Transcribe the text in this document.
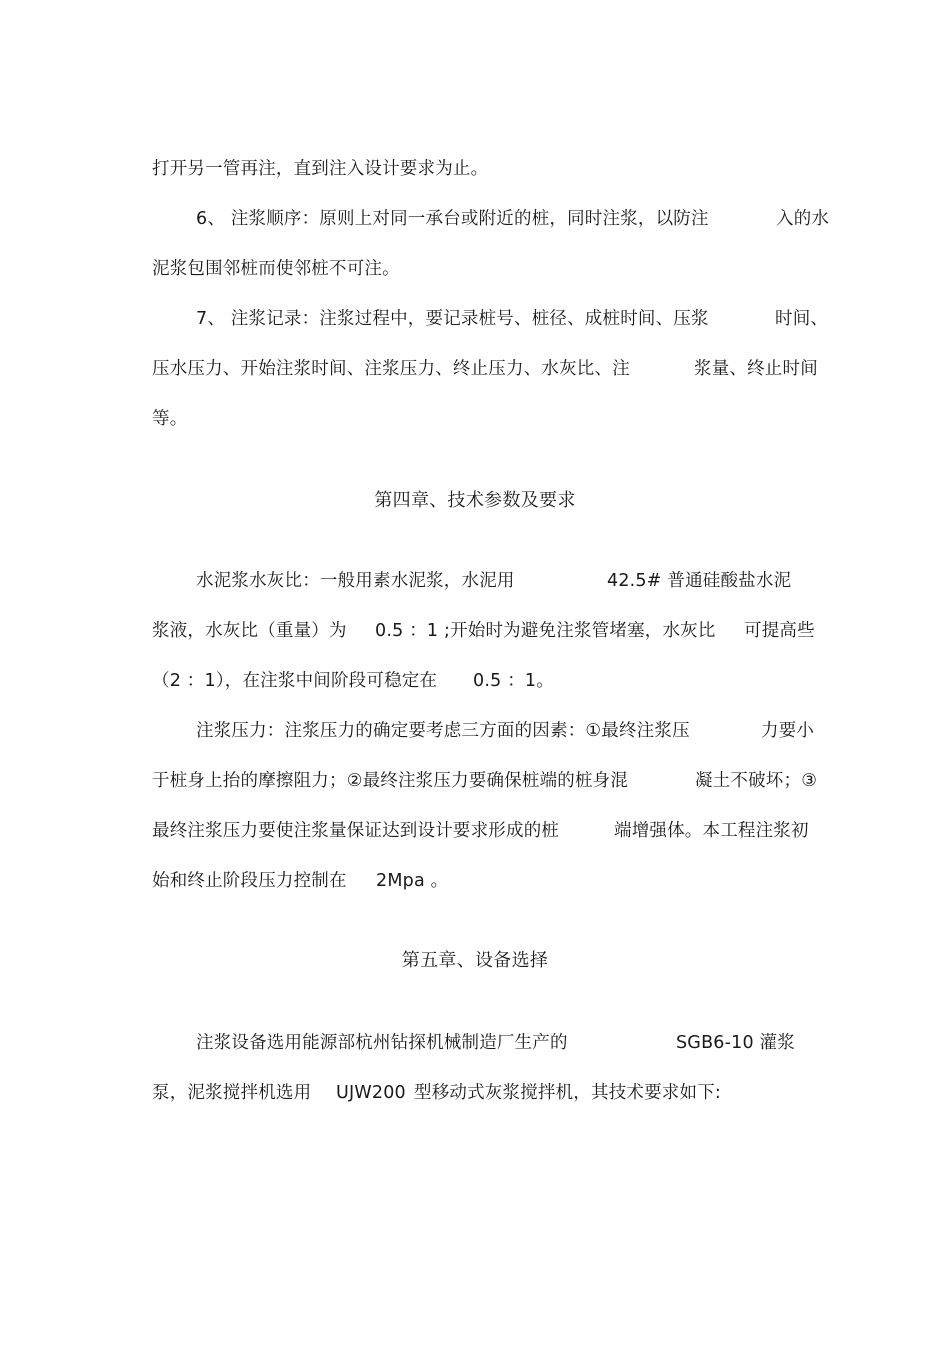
打开另一管再注，直到注入设计要求为止。
6、 注浆顺序：原则上对同一承台或附近的桩，同时注浆，以防注	入的水
泥浆包围邻桩而使邻桩不可注。
7、 注浆记录：注浆过程中，要记录桩号、桩径、成桩时间、压浆	时间、
压水压力、开始注浆时间、注浆压力、终止压力、水灰比、注	浆量、终止时间
等。
第四章、技术参数及要求
水泥浆水灰比：一般用素水泥浆，水泥用	42.5# 普通硅酸盐水泥
浆液，水灰比（重量）为 0.5 ：1 ;开始时为避免注浆管堵塞，水灰比 可提高些
（2 ：1），在注浆中间阶段可稳定在 0.5 ：1。
注浆压力：注浆压力的确定要考虑三方面的因素：①最终注浆压	力要小
于桩身上抬的摩擦阻力；②最终注浆压力要确保桩端的桩身混	凝土不破坏；③
最终注浆压力要使注浆量保证达到设计要求形成的桩	端增强体。本工程注浆初
始和终止阶段压力控制在 2Mpa 。
第五章、设备选择
注浆设备选用能源部杭州钻探机械制造厂生产的	SGB6-10 灌浆
泵，泥浆搅拌机选用 UJW200 型移动式灰浆搅拌机，其技术要求如下:
